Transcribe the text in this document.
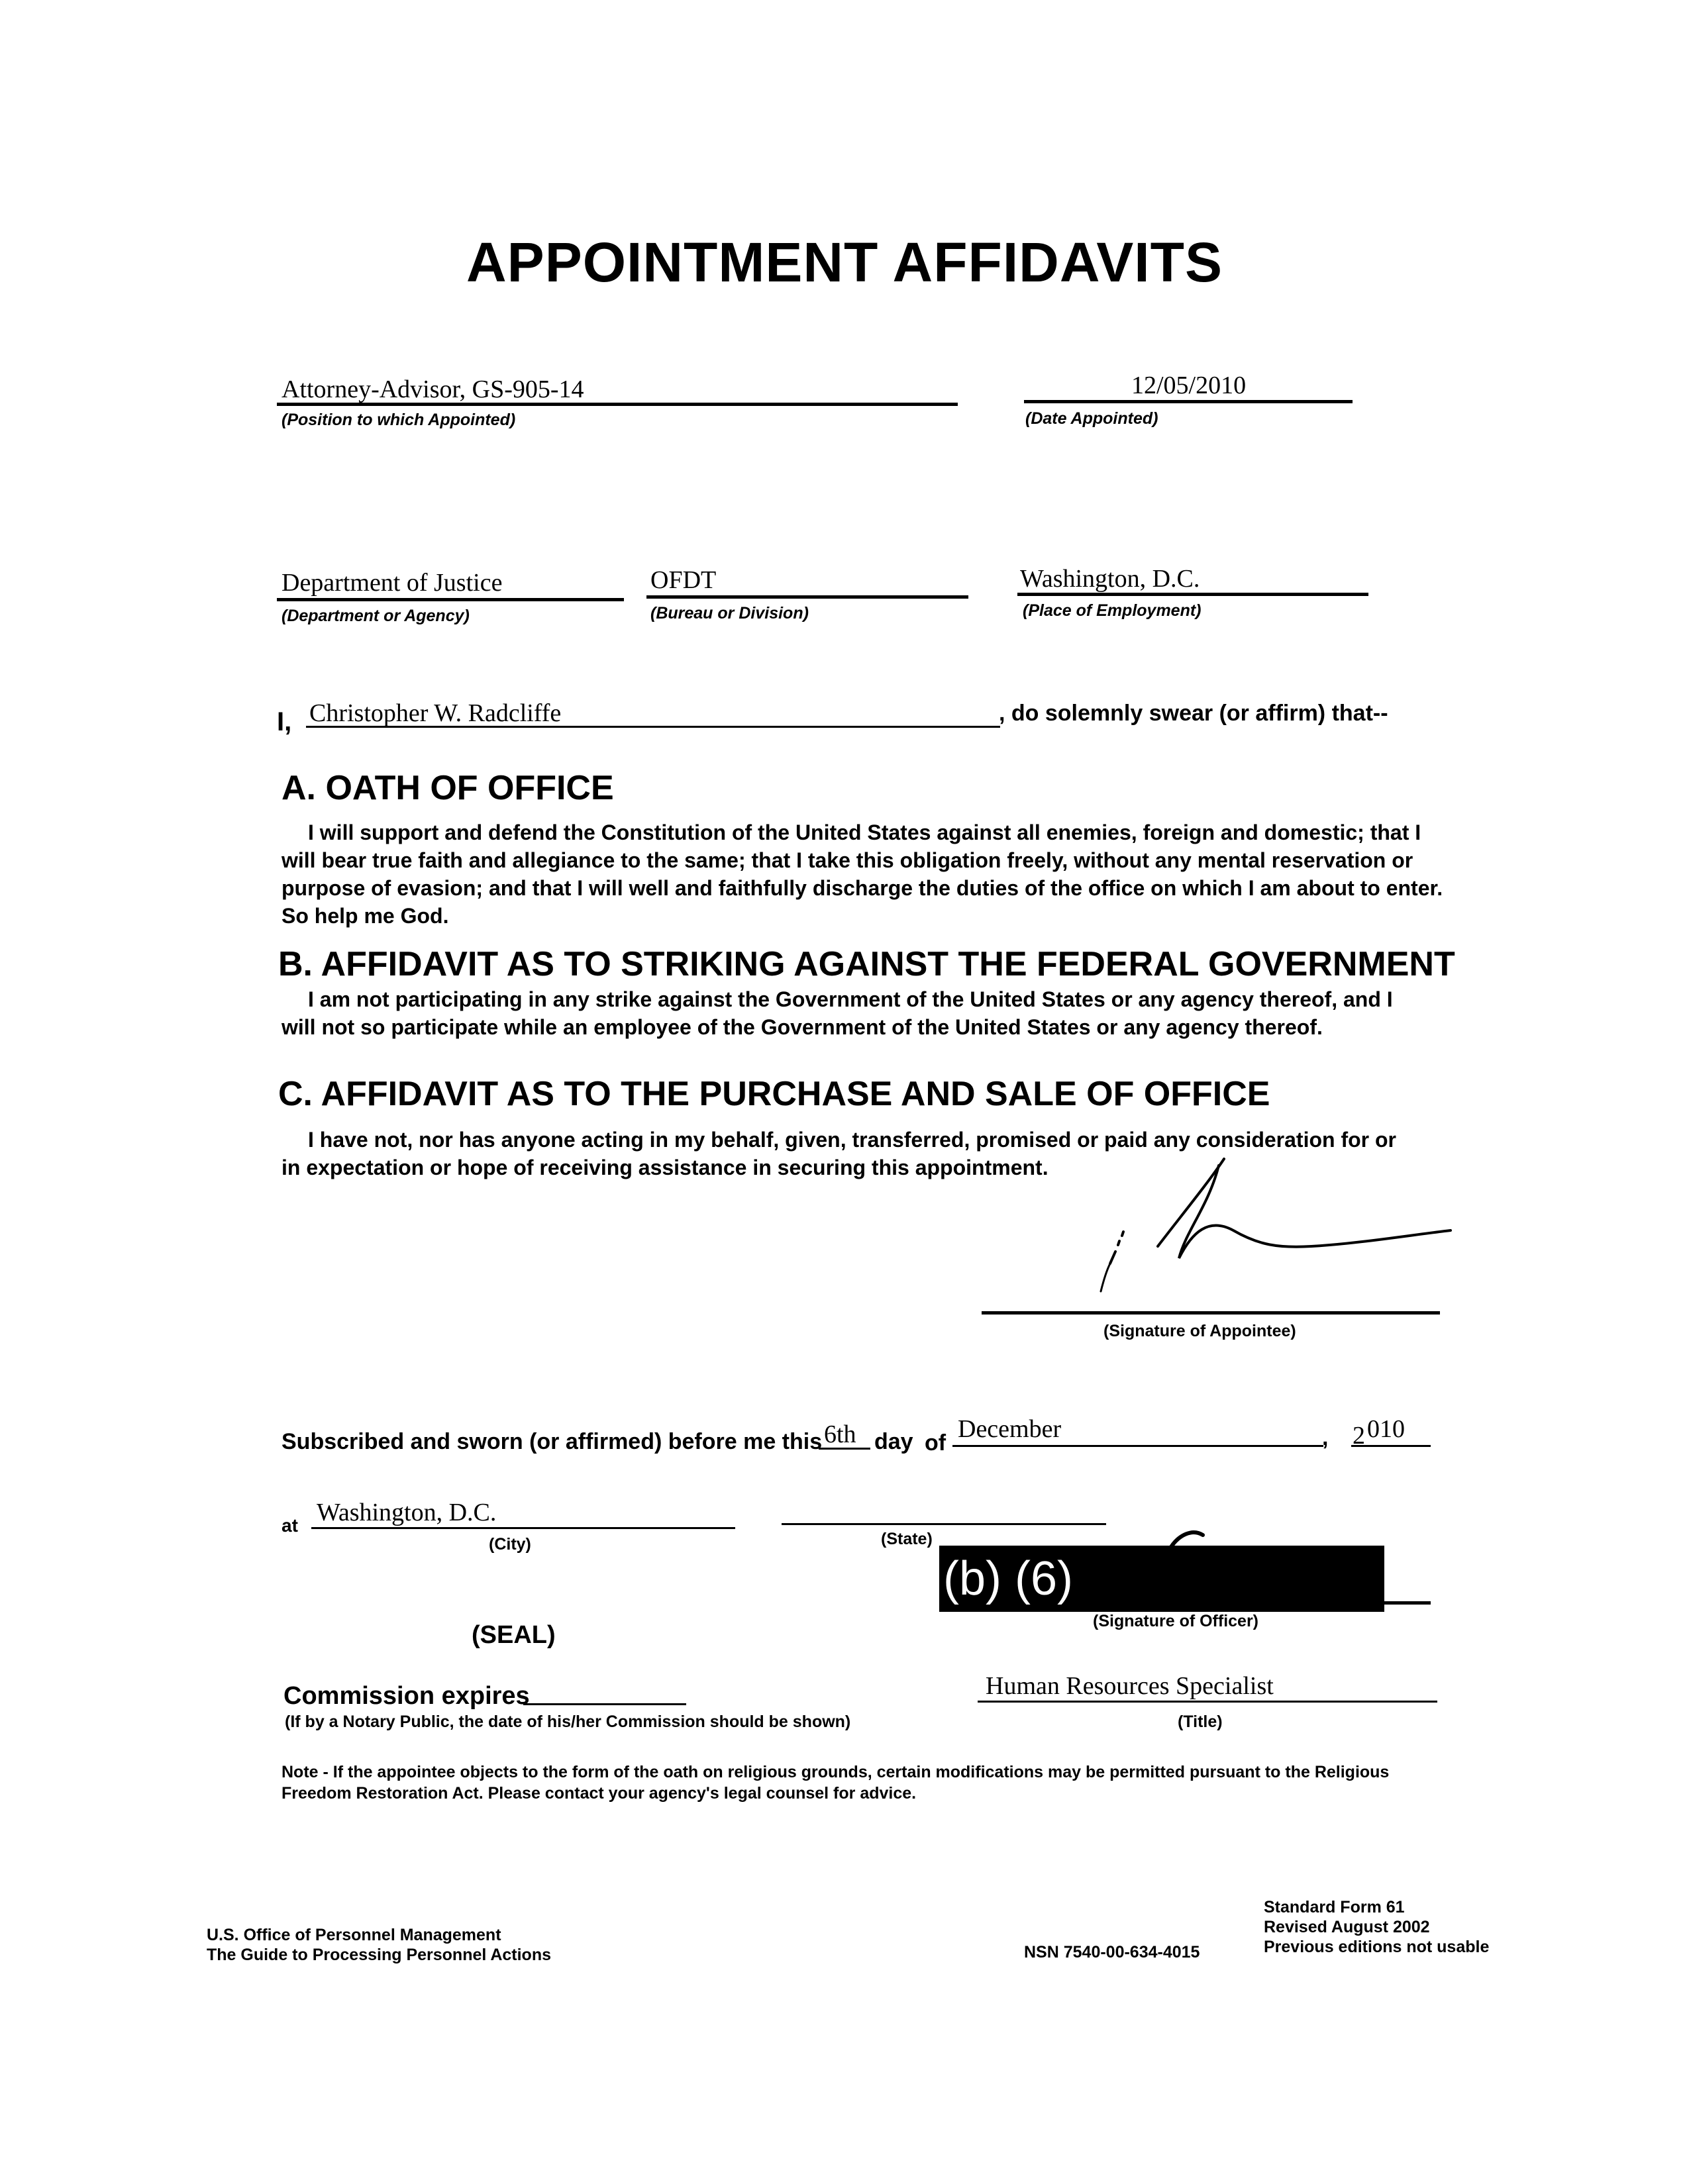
APPOINTMENT AFFIDAVITS
Attorney-Advisor, GS-905-14
(Position to which Appointed)
12/05/2010
(Date Appointed)
Department of Justice
(Department or Agency)
OFDT
(Bureau or Division)
Washington, D.C.
(Place of Employment)
I, Christopher W. Radcliffe	, do solemnly swear (or affirm) that--
A. OATH OF OFFICE

I will support and defend the Constitution of the United States against all enemies, foreign and domestic; that I will bear true faith and allegiance to the same; that I take this obligation freely, without any mental reservation or purpose of evasion; and that I will well and faithfully discharge the duties of the office on which I am about to enter. So help me God.

B. AFFIDAVIT AS TO STRIKING AGAINST THE FEDERAL GOVERNMENT

I am not participating in any strike against the Government of the United States or any agency thereof, and I will not so participate while an employee of the Government of the United States or any agency thereof.

C. AFFIDAVIT AS TO THE PURCHASE AND SALE OF OFFICE

I have not, nor has anyone acting in my behalf, given, transferred, promised or paid any consideration for or in expectation or hope of receiving assistance in securing this appointment.

(Signature of Appointee)
Subscribed and sworn (or affirmed) before me this 6th day of December	, 2 010
at Washington, D.C.
(City)	(State)
(b) (6)
(Signature of Officer)
(SEAL)
Commission expires
(If by a Notary Public, the date of his/her Commission should be shown)
Human Resources Specialist
(Title)
Note - If the appointee objects to the form of the oath on religious grounds, certain modifications may be permitted pursuant to the Religious Freedom Restoration Act. Please contact your agency's legal counsel for advice.
U.S. Office of Personnel Management
The Guide to Processing Personnel Actions	NSN 7540-00-634-4015
Standard Form 61
Revised August 2002
Previous editions not usable
